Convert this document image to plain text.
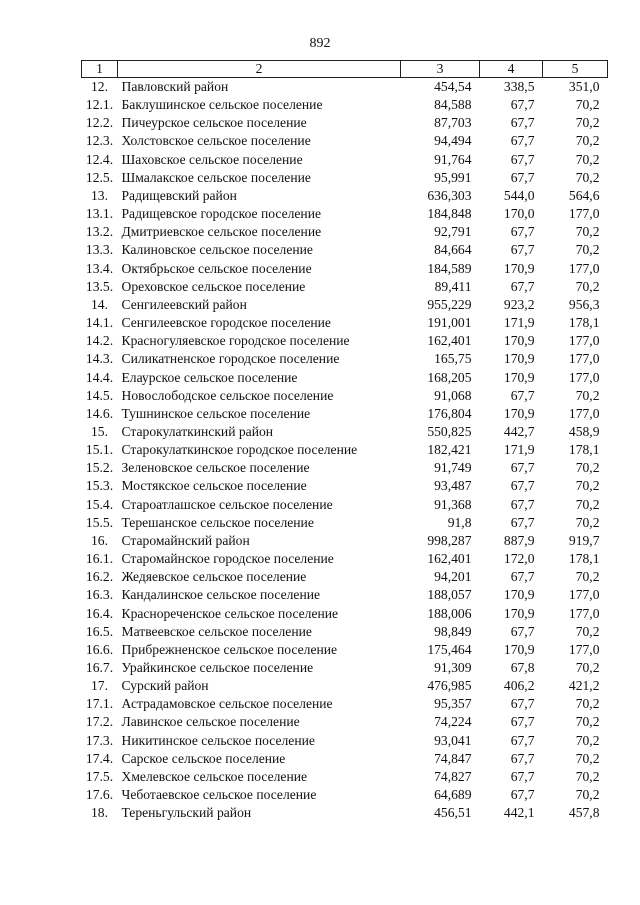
892
1	2	3	4	5
12.	Павловский район	454,54	338,5	351,0
12.1.	Баклушинское сельское поселение	84,588	67,7	70,2
12.2.	Пичеурское сельское поселение	87,703	67,7	70,2
12.3.	Холстовское сельское поселение	94,494	67,7	70,2
12.4.	Шаховское сельское поселение	91,764	67,7	70,2
12.5.	Шмалакское сельское поселение	95,991	67,7	70,2
13.	Радищевский район	636,303	544,0	564,6
13.1.	Радищевское городское поселение	184,848	170,0	177,0
13.2.	Дмитриевское сельское поселение	92,791	67,7	70,2
13.3.	Калиновское сельское поселение	84,664	67,7	70,2
13.4.	Октябрьское сельское поселение	184,589	170,9	177,0
13.5.	Ореховское сельское поселение	89,411	67,7	70,2
14.	Сенгилеевский район	955,229	923,2	956,3
14.1.	Сенгилеевское городское поселение	191,001	171,9	178,1
14.2.	Красногуляевское городское поселение	162,401	170,9	177,0
14.3.	Силикатненское городское поселение	165,75	170,9	177,0
14.4.	Елаурское сельское поселение	168,205	170,9	177,0
14.5.	Новослободское сельское поселение	91,068	67,7	70,2
14.6.	Тушнинское сельское поселение	176,804	170,9	177,0
15.	Старокулаткинский район	550,825	442,7	458,9
15.1.	Старокулаткинское городское поселение	182,421	171,9	178,1
15.2.	Зеленовское сельское поселение	91,749	67,7	70,2
15.3.	Мостякское сельское поселение	93,487	67,7	70,2
15.4.	Староатлашское сельское поселение	91,368	67,7	70,2
15.5.	Терешанское сельское поселение	91,8	67,7	70,2
16.	Старомайнский район	998,287	887,9	919,7
16.1.	Старомайнское городское поселение	162,401	172,0	178,1
16.2.	Жедяевское сельское поселение	94,201	67,7	70,2
16.3.	Кандалинское сельское поселение	188,057	170,9	177,0
16.4.	Краснореченское сельское поселение	188,006	170,9	177,0
16.5.	Матвеевское сельское поселение	98,849	67,7	70,2
16.6.	Прибрежненское сельское поселение	175,464	170,9	177,0
16.7.	Урайкинское сельское поселение	91,309	67,8	70,2
17.	Сурский район	476,985	406,2	421,2
17.1.	Астрадамовское сельское поселение	95,357	67,7	70,2
17.2.	Лавинское сельское поселение	74,224	67,7	70,2
17.3.	Никитинское сельское поселение	93,041	67,7	70,2
17.4.	Сарское сельское поселение	74,847	67,7	70,2
17.5.	Хмелевское сельское поселение	74,827	67,7	70,2
17.6.	Чеботаевское сельское поселение	64,689	67,7	70,2
18.	Тереньгульский район	456,51	442,1	457,8
